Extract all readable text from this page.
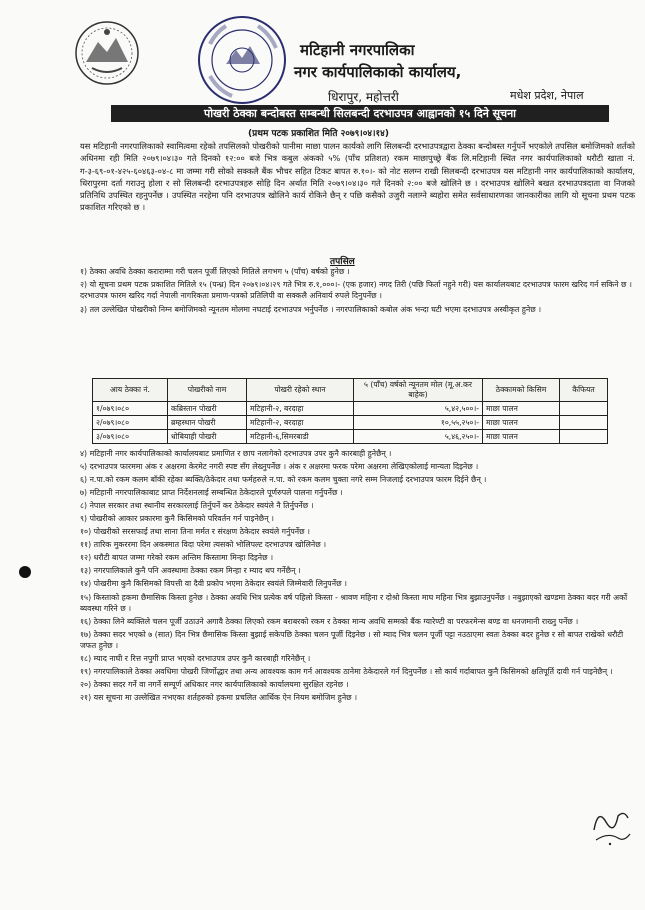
मटिहानी नगरपालिका
नगर कार्यपालिकाको कार्यालय,
धिरापुर, महोत्तरी	मधेश प्रदेश, नेपाल
पोखरी ठेक्का बन्दोबस्त सम्बन्धी सिलबन्दी दरभाउपत्र आह्वानको १५ दिने सूचना
(प्रथम पटक प्रकाशित मिति २०७९।०४।१४)
यस मटिहानी नगरपालिकाको स्वामित्वमा रहेको तपसिलको पोखरीको पानीमा माछा पालन कार्यको लागि सिलबन्दी दरभाउपत्रद्वारा ठेक्का बन्दोबस्त गर्नुपर्ने भएकोले तपसिल बमोजिमको शर्तको अधिनमा रही मिति २०७९।०४।३० गते दिनको १२:०० बजे भित्र कबुल अंकको ५% (पाँच प्रतिशत) रकम माछापुच्छ्रे बैंक लि.मटिहानी स्थित नगर कार्यपालिकाको धरौटी खाता नं. ग-३-६९-०१-४२५-६०४६३-०४-८ मा जम्मा गरी सोको सक्कलै बैंक भौचर सहित टिकट बापत रु.१०।- को नोट सलग्न राखी सिलबन्दी दरभाउपत्र यस मटिहानी नगर कार्यपालिकाको कार्यालय, धिरापुरमा दर्ता गराउनु होला र सो सिलबन्दी दरभाउपत्रहरु सोहि दिन अर्थात मिति २०७९।०४।३० गते दिनको २:०० बजे खोलिने छ । दरभाउपत्र खोलिने बखत दरभाउपत्रदाता वा निजको प्रतिनिधि उपस्थित रहनुपर्नेछ । उपस्थित नरहेमा पनि दरभाउपत्र खोलिने कार्य रोकिने छैन् र पछि कसैको उजुरी नलाग्ने ब्यहोरा समेत सर्वसाधारणका जानकारीका लागि यो सूचना प्रथम पटक प्रकाशित गरिएको छ ।
तपसिल

१) ठेक्का अवधि ठेक्का कराराम्मा गरी चलन पूर्जी लिएको मितिले लगभग ५ (पाँच) बर्षको हुनेछ ।

२) यो सूचना प्रथम पटक प्रकाशित मितिले १५ (पन्ध्र) दिन २०७९।०४।२९ गते भित्र रु.१,०००।- (एक हजार) नगद तिरी (पछि फिर्ता नहुने गरी) यस कार्यालयबाट दरभाउपत्र फारम खरिद गर्न सकिने छ । दरभाउपत्र फारम खरिद गर्दा नेपाली नागरिकता प्रमाण-पत्रको प्रतिलिपी वा सक्कलै अनिवार्य रुपले दिनुपर्नेछ ।

३) तल उल्लेखित पोखरीको निम्न बमोजिमको न्यूनतम मोलमा नघटाई दरभाउपत्र भर्नुपर्नेछ । नगरपालिकाको कबोल अंक भन्दा घटी भएमा दरभाउपत्र अस्वीकृत हुनेछ ।

आय ठेक्का नं.	पोखरीको नाम	पोखरी रहेको स्थान	५ (पाँच) वर्षको न्यूनतम मोल (मू.अ.कर बाहेक)	ठेक्कामको किसिम	कैफियत
१/०७९।०८०	कब्रिस्तान पोखरी	मटिहानी-२, बरदाहा	५,४२,५००।-	माछा पालन	
२/०७९।०८०	ब्रम्हस्थान पोखरी	मटिहानी-२, बरदाहा	१०,५५,२५०।-	माछा पालन	
३/०७९।०८०	धोबियाही पोखरी	मटिहानी-६,सिमरबाडी	५,४६,२५०।-	माछा पालन	

४) मटिहानी नगर कार्यपालिकाको कार्यालयबाट प्रमाणित र छाप नलागेको दरभाउपत्र उपर कुनै कारबाही हुनेछैन् ।

५) दरभाउपत्र फारममा अंक र अक्षरमा केरमेट नगरी स्पष्ट सँग लेख्नुपर्नेछ । अंक र अक्षरमा फरक परेमा अक्षरमा लेखिएकोलाई मान्यता दिइनेछ ।

६) न.पा.को रकम कलम बाँकी रहेका ब्यक्ति/ठेकेदार तथा फर्महरुले न.पा. को रकम कलम चुक्ता नगरे सम्म निजलाई दरभाउपत्र फारम दिईने छैन् ।

७) मटिहानी नगरपालिकाबाट प्राप्त निर्देशनलाई सम्बन्धित ठेकेदारले पूर्णरुपले पालना गर्नुपर्नेछ ।

८) नेपाल सरकार तथा स्थानीय सरकारलाई तिर्नुपर्ने कर ठेकेदार स्वयंले नै तिर्नुपर्नेछ ।

९) पोखरीको आकार प्रकारमा कुनै किसिमको परिवर्तन गर्न पाइनेछैन् ।

१०) पोखरीको सरसफाई तथा साना तिना मर्मत र संरक्षण ठेकेदार स्वयंले गर्नुपर्नेछ ।

११) तारिक मुकररमा दिन अकस्मात विदा परेमा त्यसको भोलिपल्ट दरभाउपत्र खोलिनेछ ।

१२) धरौटी बापत जम्मा गरेको रकम अन्तिम किस्तामा मिन्हा दिइनेछ ।

१३) नगरपालिकाले कुनै पनि अवस्थामा ठेक्का रकम मिन्हा र म्याद थप गर्नेछैन् ।

१४) पोखरीमा कुनै किसिमको विपत्ती वा दैवी प्रकोप भएमा ठेकेदार स्वयंले जिम्मेवारी लिनुपर्नेछ ।

१५) किस्ताको हकमा छैमासिक किस्ता हुनेछ । ठेक्का अवधि भित्र प्रत्येक वर्ष पहिलो किस्ता - श्रावण महिना र दोश्रो किस्ता माघ महिना भित्र बुझाउनुपर्नेछ । नबुझाएको खण्डमा ठेक्का बदर गरी अर्को ब्यवस्था गरिने छ ।

१६) ठेक्का लिने ब्यक्तिले चलन पूर्जी उठाउने अगावै ठेक्का लिएको रकम बराबरको रकम र ठेक्का मान्य अवधि सम्मको बैंक ग्यारेण्टी वा परफरमेन्स बण्ड वा धनजमानी राख्नु पर्नेछ ।

१७) ठेक्का सदर भएको ७ (सात) दिन भित्र छैमासिक किस्ता बुझाई सकेपछि ठेक्का चलन पूर्जी दिइनेछ । सो म्याद भित्र चलन पूर्जी पट्टा नउठाएमा स्वतः ठेक्का बदर हुनेछ र सो बापत राखेको धरौटी जफत हुनेछ ।

१८) म्याद नाघी र रित्त नपुगी प्राप्त भएको दरभाउपत्र उपर कुनै कारबाही गरिनेछैन् ।

१९) नगरपालिकाले ठेक्का अवधिमा पोखरी जिर्णोद्धार तथा अन्य आवश्यक काम गर्न आवश्यक ठानेमा ठेकेदारले गर्न दिनुपर्नेछ । सो कार्य गर्दाबापत कुनै किसिमको क्षतिपूर्ति दावी गर्न पाइनेछैन् ।

२०) ठेक्का सदर गर्ने वा नगर्ने सम्पूर्ण अधिकार नगर कार्यपालिकाको कार्यालयमा सुरक्षित रहनेछ ।

२१) यस सूचना मा उल्लेखित नभएका शर्तहरुको हकमा प्रचलित आर्थिक ऐन नियम बमोजिम हुनेछ ।
